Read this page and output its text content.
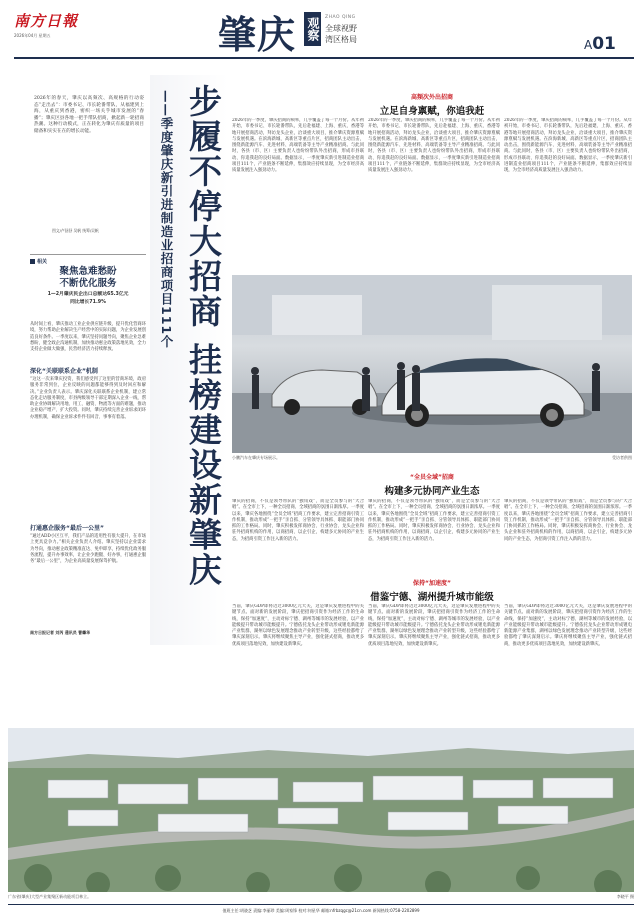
南方日報
2026年04月 星期五	肇庆 观察 ZHAO QING
全球视野
湾区格局	A01
2026年的春天，肇庆以高频次、高规格的行动姿态“走出去”：市委书记、市长轮番带队，从福建到上海，从重庆到香港，密织一场关乎城市发展的“春播”；肇庆区县各地一把手带队招商，掀起新一轮招商热潮。这种行动模式，正在转化为肇庆有质量的项目储备和实实在在的增长动能。
图文/卢舒舒 吴帆 统筹/吴帆
相关
聚焦急难愁盼
不断优化服务
1—2月肇庆民企出口总额达65.3亿元
同比增长71.9%
从时间上看，肇庆推动工业企业供应链升级，提升优化营商环境，努力帮助企业解决生产经营中的实际问题，为企业发展创造良好条件。一季度以来，肇庆坚持问题导向，聚焦企业急难愁盼，健全政企沟通机制，加快推动惠企政策落地见效，全力支持企业做大做强，民营经济活力持续释放。
深化“关联联系企业”机制
“这这一次来肇庆投资，我们感受到了这里的营商环境，政府服务非常到位，企业反映的问题都能够得到及时回应和解决。”企业负责人表示。肇庆深化关联联系企业机制，建立常态化走访服务制度，市县两级领导干部定期深入企业一线，帮助企业协调解决用地、用工、融资、物流等方面的难题，推动企业稳产增产、扩大投资。同时，肇庆持续完善企业诉求闭环办理机制，确保企业诉求件件有回音、事事有着落。
打通惠企服务“最后一公里”
“通过ADD小区互平，我们产品的适用性有很大提升，在市场上更具竞争力。”相关企业负责人介绍。肇庆坚持以企业需求为导向，推动惠企政策精准直达、免申即享，持续优化政务服务流程，提升办事效率，让企业少跑腿、好办事，打通惠企服务“最后一公里”，为企业高质量发展保驾护航。
南方日报记者 刘芮 通讯员 曹肇华
——季度肇庆新引进制造业招商项目111个 步履不停大招商 挂榜建设新肇庆	高频次外出招商
立足自身禀赋，你追我赶
2026年的一季度，肇庆招商的频率，几乎覆盖了每一个月份。从年初开始，市委书记、市长轮番带队，先后赴福建、上海、重庆、香港等地开展招商活动，拜访龙头企业，洽谈重大项目，推介肇庆资源禀赋与发展机遇。在滨海新城、高新区等重点片区，招商团队主动出击，围绕新能源汽车、先进材料、高端装备等主导产业精准招商。与此同时，各县（市、区）主要负责人也纷纷带队外出招商，形成市县联动、你追我赶的良好局面。数据显示，一季度肇庆新引进制造业招商项目111个，产业链条不断延伸，集群效应持续显现，为全市经济高质量发展注入强劲动力。
2026年的一季度，肇庆招商的频率，几乎覆盖了每一个月份。从年初开始，市委书记、市长轮番带队，先后赴福建、上海、重庆、香港等地开展招商活动，拜访龙头企业，洽谈重大项目，推介肇庆资源禀赋与发展机遇。在滨海新城、高新区等重点片区，招商团队主动出击，围绕新能源汽车、先进材料、高端装备等主导产业精准招商。与此同时，各县（市、区）主要负责人也纷纷带队外出招商，形成市县联动、你追我赶的良好局面。数据显示，一季度肇庆新引进制造业招商项目111个，产业链条不断延伸，集群效应持续显现，为全市经济高质量发展注入强劲动力。
2026年的一季度，肇庆招商的频率，几乎覆盖了每一个月份。从年初开始，市委书记、市长轮番带队，先后赴福建、上海、重庆、香港等地开展招商活动，拜访龙头企业，洽谈重大项目，推介肇庆资源禀赋与发展机遇。在滨海新城、高新区等重点片区，招商团队主动出击，围绕新能源汽车、先进材料、高端装备等主导产业精准招商。与此同时，各县（市、区）主要负责人也纷纷带队外出招商，形成市县联动、你追我赶的良好局面。数据显示，一季度肇庆新引进制造业招商项目111个，产业链条不断延伸，集群效应持续显现，为全市经济高质量发展注入强劲动力。
小鹏汽车在肇庆专场展示。	受访者供图
“全员全域”招商
构建多元协同产业生态
肇庆的招商，不仅是领导带队的“独角戏”，而是全员参与的“大合唱”。在全市上下，一种全员招商、全域招商的氛围日渐浓厚。一季度以来，肇庆各地围绕“全员全域”招商工作要求，建立完善招商引资工作机制，推动形成“一把手”亲自抓、分管领导具体抓、职能部门协同抓的工作格局。同时，肇庆积极发挥商协会、行业协会、龙头企业和驻外招商机构的作用，以商招商、以企引企，构建多元协同的产业生态，为招商引资工作注入新的活力。
肇庆的招商，不仅是领导带队的“独角戏”，而是全员参与的“大合唱”。在全市上下，一种全员招商、全域招商的氛围日渐浓厚。一季度以来，肇庆各地围绕“全员全域”招商工作要求，建立完善招商引资工作机制，推动形成“一把手”亲自抓、分管领导具体抓、职能部门协同抓的工作格局。同时，肇庆积极发挥商协会、行业协会、龙头企业和驻外招商机构的作用，以商招商、以企引企，构建多元协同的产业生态，为招商引资工作注入新的活力。
肇庆的招商，不仅是领导带队的“独角戏”，而是全员参与的“大合唱”。在全市上下，一种全员招商、全域招商的氛围日渐浓厚。一季度以来，肇庆各地围绕“全员全域”招商工作要求，建立完善招商引资工作机制，推动形成“一把手”亲自抓、分管领导具体抓、职能部门协同抓的工作格局。同时，肇庆积极发挥商协会、行业协会、龙头企业和驻外招商机构的作用，以商招商、以企引企，构建多元协同的产业生态，为招商引资工作注入新的活力。
保持“加速度”
借鉴宁德、湖州提升城市能级
当前，肇庆GDP即将迈过3000亿元大关，这是肇庆发展进程中的关键节点。面对新的发展阶段，肇庆把招商引资作为经济工作的生命线，保持“加速度”，主动对标宁德、湖州等城市的发展经验，以产业能级提升带动城市能级提升。宁德依托龙头企业带动形成锂电新能源产业集群，湖州以绿色发展理念推动产业转型升级，这些经验都给了肇庆深刻启示。肇庆将继续聚焦主导产业，强化链式招商，推动更多优质项目落地见效，加快建设新肇庆。
当前，肇庆GDP即将迈过3000亿元大关，这是肇庆发展进程中的关键节点。面对新的发展阶段，肇庆把招商引资作为经济工作的生命线，保持“加速度”，主动对标宁德、湖州等城市的发展经验，以产业能级提升带动城市能级提升。宁德依托龙头企业带动形成锂电新能源产业集群，湖州以绿色发展理念推动产业转型升级，这些经验都给了肇庆深刻启示。肇庆将继续聚焦主导产业，强化链式招商，推动更多优质项目落地见效，加快建设新肇庆。
当前，肇庆GDP即将迈过3000亿元大关，这是肇庆发展进程中的关键节点。面对新的发展阶段，肇庆把招商引资作为经济工作的生命线，保持“加速度”，主动对标宁德、湖州等城市的发展经验，以产业能级提升带动城市能级提升。宁德依托龙头企业带动形成锂电新能源产业集群，湖州以绿色发展理念推动产业转型升级，这些经验都给了肇庆深刻启示。肇庆将继续聚焦主导产业，强化链式招商，推动更多优质项目落地见效，加快建设新肇庆。
广东省(肇庆)大型产业集聚区新动能项目林立。	李晓平 摄
值班主任:胡骁芝 责编:李丽珍 美编:周家锋 校对:何星华 邮箱:nfrbzqgc@21cn.com 新闻热线:0758-2202899
